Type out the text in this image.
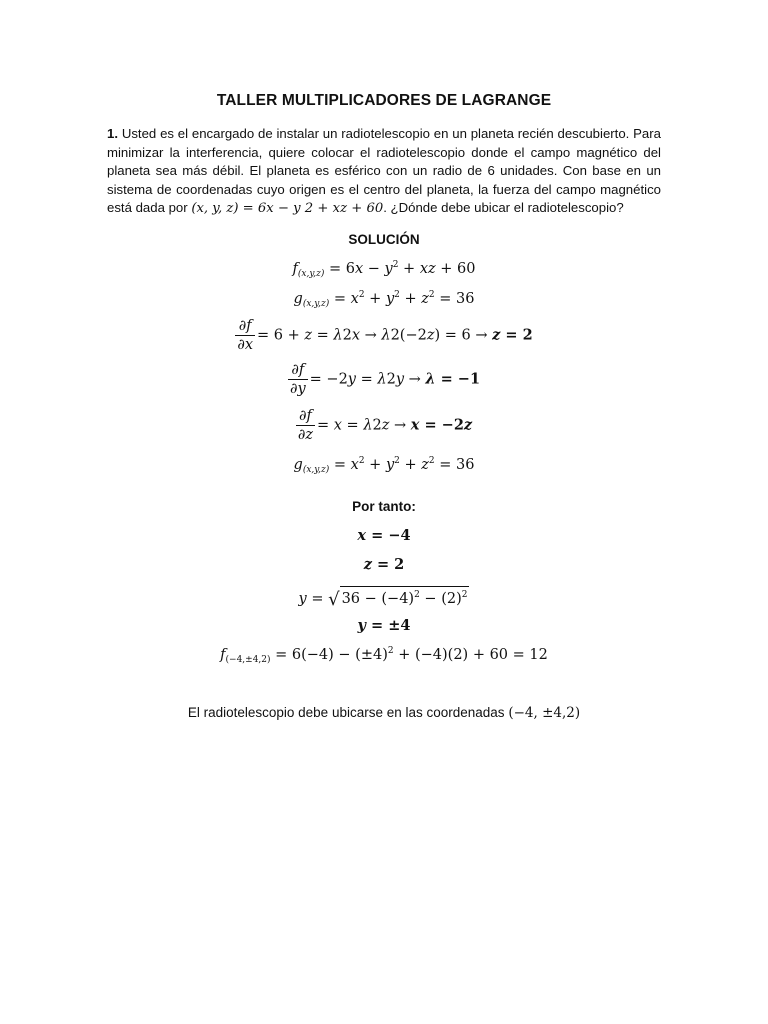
TALLER MULTIPLICADORES DE LAGRANGE
1. Usted es el encargado de instalar un radiotelescopio en un planeta recién descubierto. Para minimizar la interferencia, quiere colocar el radiotelescopio donde el campo magnético del planeta sea más débil. El planeta es esférico con un radio de 6 unidades. Con base en un sistema de coordenadas cuyo origen es el centro del planeta, la fuerza del campo magnético está dada por (x, y, z) = 6x − y 2 + xz + 60. ¿Dónde debe ubicar el radiotelescopio?
SOLUCIÓN
$f_{(x,y,z)} = 6x - y^2$ + xz + 60
$g_{(x,y,z)} = x^2 + y^2 + z^2 = 36$
$\frac{\partial f}{\partial x} = 6 + z = \lambda 2x \to \lambda 2(-2z) = 6 \to z = 2$
$\frac{\partial f}{\partial y} = -2y = \lambda 2y \to \lambda = -1$
$\frac{\partial f}{\partial z} = x = \lambda 2z \to x = -2z$
$g_{(x,y,z)} = x^2 + y^2 + z^2 = 36$
Por tanto:
x = −4
z = 2
y = √ $36 - (-4)^2 - (2)^2$
y = ±4
$f_{(-4,\pm 4,2)} = 6(-4) - (\pm 4)^2 + (-4)(2) + 60 = 12$
El radiotelescopio debe ubicarse en las coordenadas (−4, ±4,2)
